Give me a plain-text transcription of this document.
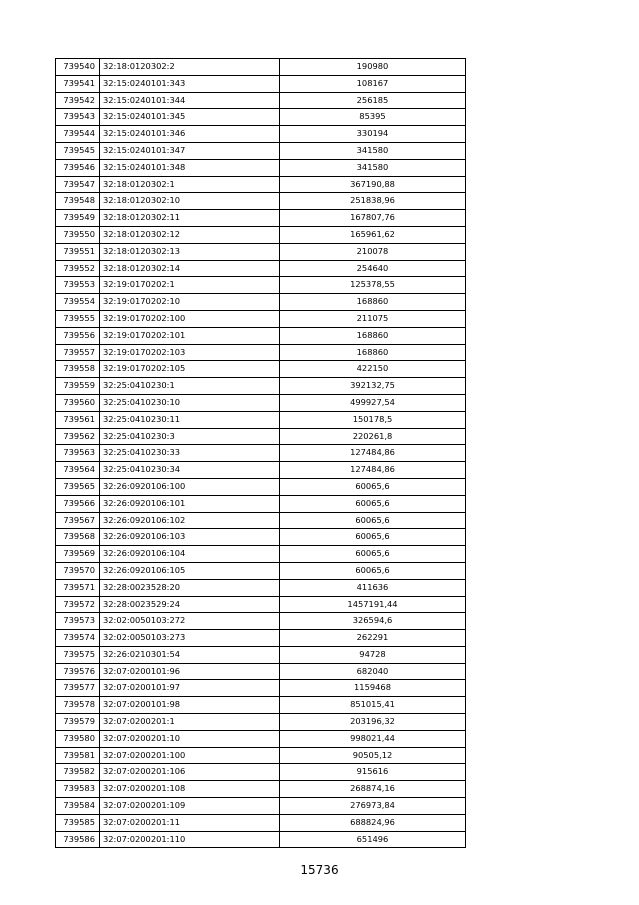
739540	32:18:0120302:2	190980
739541	32:15:0240101:343	108167
739542	32:15:0240101:344	256185
739543	32:15:0240101:345	85395
739544	32:15:0240101:346	330194
739545	32:15:0240101:347	341580
739546	32:15:0240101:348	341580
739547	32:18:0120302:1	367190,88
739548	32:18:0120302:10	251838,96
739549	32:18:0120302:11	167807,76
739550	32:18:0120302:12	165961,62
739551	32:18:0120302:13	210078
739552	32:18:0120302:14	254640
739553	32:19:0170202:1	125378,55
739554	32:19:0170202:10	168860
739555	32:19:0170202:100	211075
739556	32:19:0170202:101	168860
739557	32:19:0170202:103	168860
739558	32:19:0170202:105	422150
739559	32:25:0410230:1	392132,75
739560	32:25:0410230:10	499927,54
739561	32:25:0410230:11	150178,5
739562	32:25:0410230:3	220261,8
739563	32:25:0410230:33	127484,86
739564	32:25:0410230:34	127484,86
739565	32:26:0920106:100	60065,6
739566	32:26:0920106:101	60065,6
739567	32:26:0920106:102	60065,6
739568	32:26:0920106:103	60065,6
739569	32:26:0920106:104	60065,6
739570	32:26:0920106:105	60065,6
739571	32:28:0023528:20	411636
739572	32:28:0023529:24	1457191,44
739573	32:02:0050103:272	326594,6
739574	32:02:0050103:273	262291
739575	32:26:0210301:54	94728
739576	32:07:0200101:96	682040
739577	32:07:0200101:97	1159468
739578	32:07:0200101:98	851015,41
739579	32:07:0200201:1	203196,32
739580	32:07:0200201:10	998021,44
739581	32:07:0200201:100	90505,12
739582	32:07:0200201:106	915616
739583	32:07:0200201:108	268874,16
739584	32:07:0200201:109	276973,84
739585	32:07:0200201:11	688824,96
739586	32:07:0200201:110	651496
15736
